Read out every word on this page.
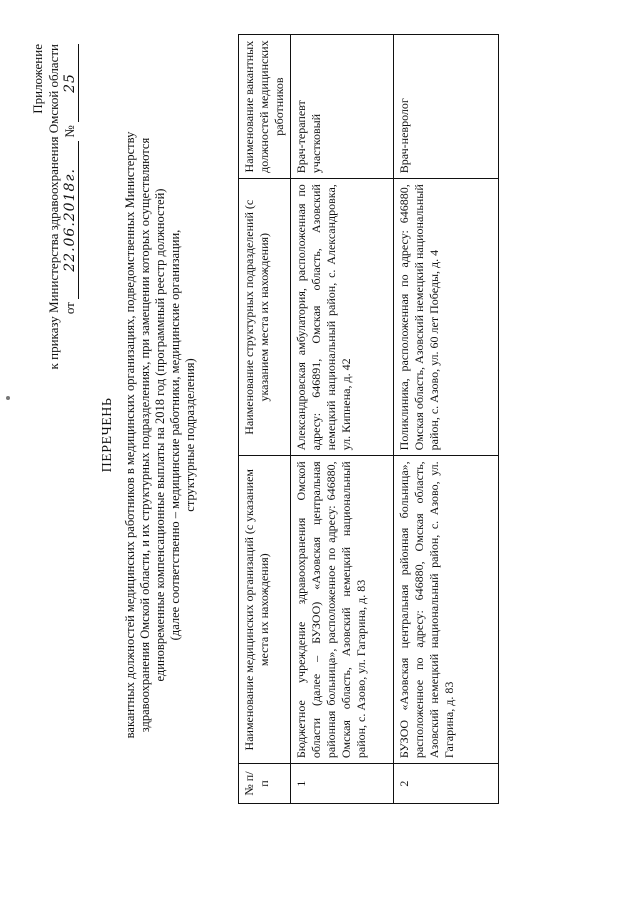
Приложение к приказу Министерства здравоохранения Омской области от 22.06.2018г. № 25
ПЕРЕЧЕНЬ вакантных должностей медицинских работников в медицинских организациях, подведомственных Министерству здравоохранения Омской области, и их структурных подразделениях, при замещении которых осуществляются единовременные компенсационные выплаты на 2018 год (программный реестр должностей) (далее соответственно – медицинские работники, медицинские организации, структурные подразделения)
№ п/п	Наименование медицинских организаций (с указанием места их нахождения)	Наименование структурных подразделений (с указанием места их нахождения)	Наименование вакантных должностей медицинских работников
1	Бюджетное учреждение здравоохранения Омской области (далее – БУЗОО) «Азовская центральная районная больница», расположенное по адресу: 646880, Омская область, Азовский немецкий национальный район, с. Азово, ул. Гагарина, д. 83	Александровская амбулатория, расположенная по адресу: 646891, Омская область, Азовский немецкий национальный район, с. Александровка, ул. Кипнена, д. 42	Врач-терапевт участковый
2	БУЗОО «Азовская центральная районная больница», расположенное по адресу: 646880, Омская область, Азовский немецкий национальный район, с. Азово, ул. Гагарина, д. 83	Поликлиника, расположенная по адресу: 646880, Омская область, Азовский немецкий национальный район, с. Азово, ул. 60 лет Победы, д. 4	Врач-невролог
